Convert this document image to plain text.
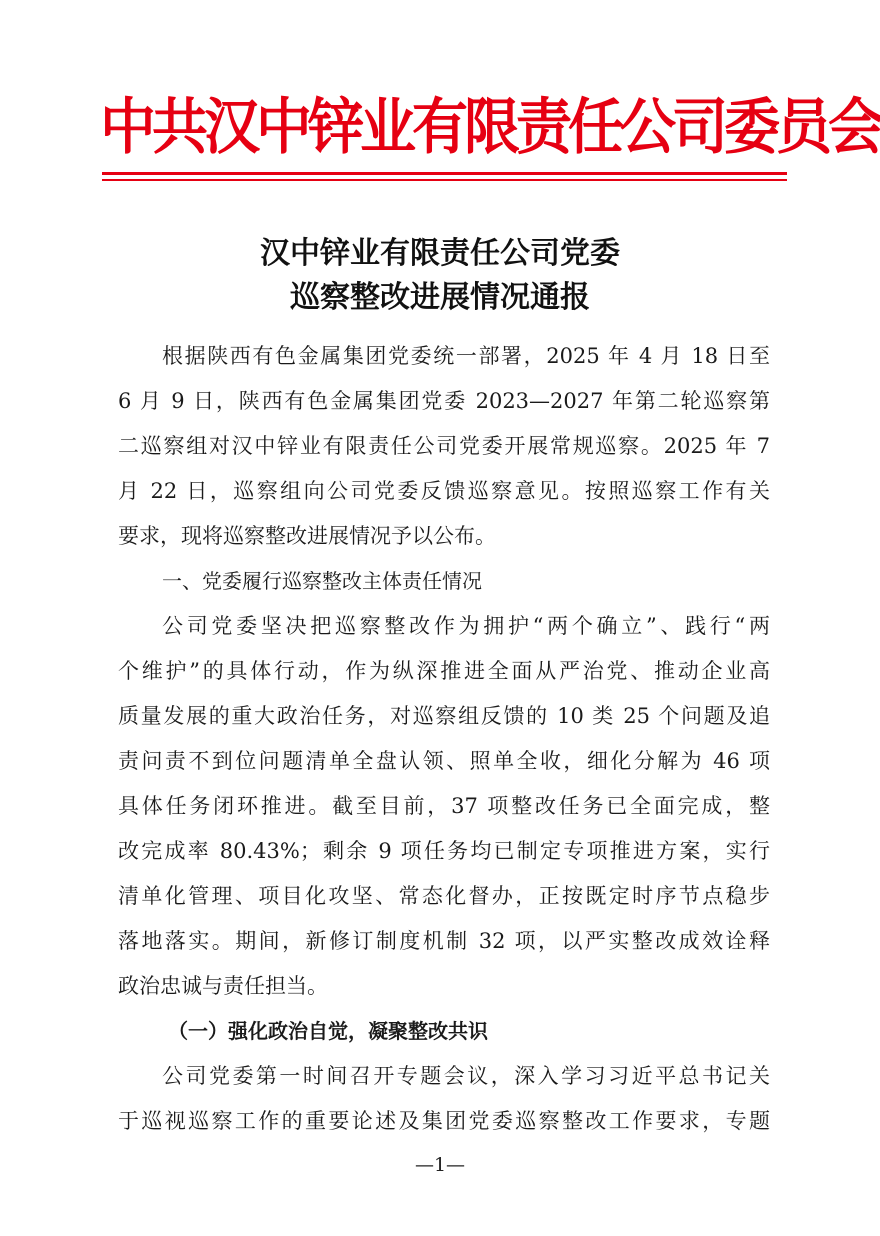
中共汉中锌业有限责任公司委员会
汉中锌业有限责任公司党委
巡察整改进展情况通报
根据陕西有色金属集团党委统一部署，2025 年 4 月 18 日至
6 月 9 日，陕西有色金属集团党委 2023—2027 年第二轮巡察第
二巡察组对汉中锌业有限责任公司党委开展常规巡察。2025 年 7
月 22 日，巡察组向公司党委反馈巡察意见。按照巡察工作有关
要求，现将巡察整改进展情况予以公布。
一、党委履行巡察整改主体责任情况
公司党委坚决把巡察整改作为拥护“两个确立”、践行“两
个维护”的具体行动，作为纵深推进全面从严治党、推动企业高
质量发展的重大政治任务，对巡察组反馈的 10 类 25 个问题及追
责问责不到位问题清单全盘认领、照单全收，细化分解为 46 项
具体任务闭环推进。截至目前，37 项整改任务已全面完成，整
改完成率 80.43%；剩余 9 项任务均已制定专项推进方案，实行
清单化管理、项目化攻坚、常态化督办，正按既定时序节点稳步
落地落实。期间，新修订制度机制 32 项，以严实整改成效诠释
政治忠诚与责任担当。
（一）强化政治自觉，凝聚整改共识
公司党委第一时间召开专题会议，深入学习习近平总书记关
于巡视巡察工作的重要论述及集团党委巡察整改工作要求，专题
—1—
